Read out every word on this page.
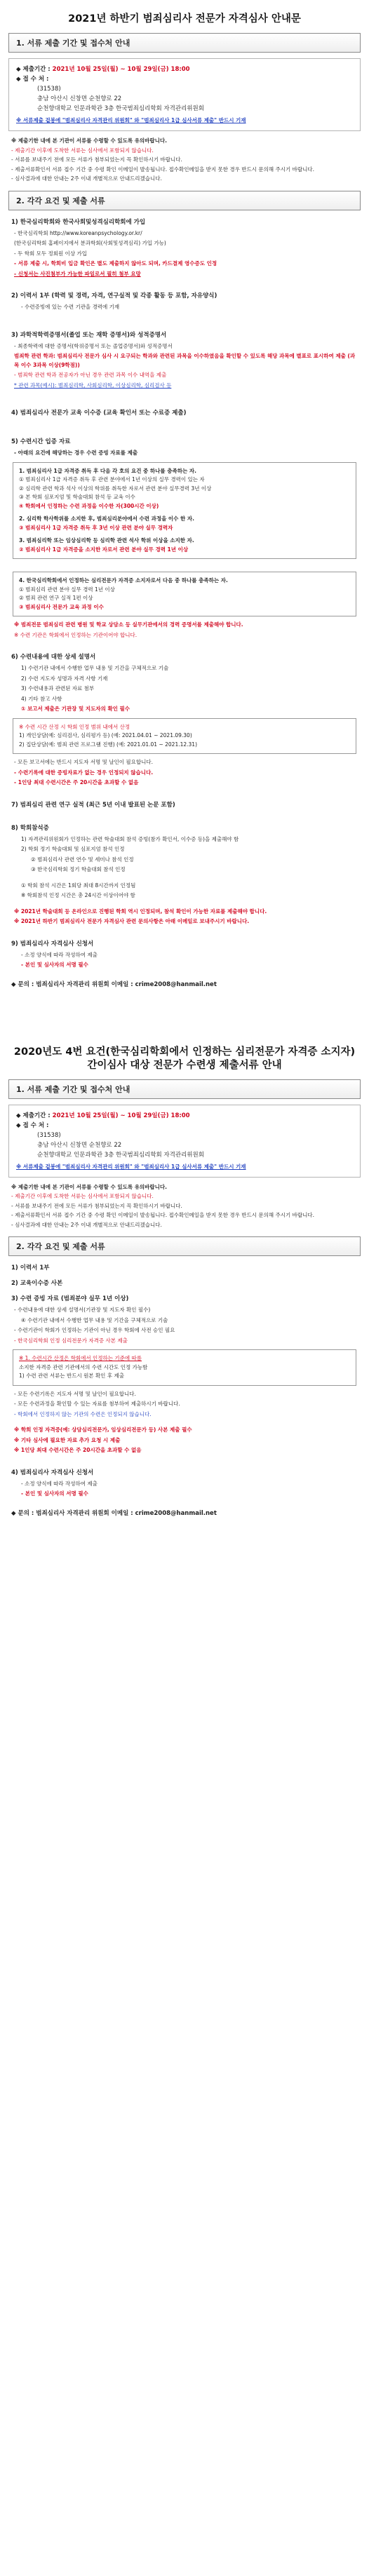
2021년 하반기 범죄심리사 전문가 자격심사 안내문
1. 서류 제출 기간 및 접수처 안내
◆ 제출기간 : 2021년 10월 25일(월) ~ 10월 29일(금) 18:00
◆ 접 수 처 :
(31538)
충남 아산시 신창면 순천향로 22
순천향대학교 인문과학관 3층 한국범죄심리학회 자격관리위원회
※ 서류제출 겉봉에 "범죄심리사 자격관리 위원회" 와 "범죄심리사 1급 심사서류 제출" 반드시 기재

※ 제출기한 내에 본 기관이 서류를 수령할 수 있도록 유의바랍니다.

- 제출기간 이후에 도착한 서류는 심사에서 포함되지 않습니다.

- 서류를 보내주기 전에 모든 서류가 첨부되었는지 꼭 확인하시기 바랍니다.

- 제출서류확인서 서류 접수 기간 중 수령 확인 이메일이 발송됩니다. 접수확인메일을 받지 못한 경우 반드시 문의해 주시기 바랍니다.

- 심사결과에 대한 안내는 2주 이내 개별적으로 안내드리겠습니다.

2. 각각 요건 및 제출 서류
1) 한국심리학회와 한국사회및성격심리학회에 가입
- 한국심리학회 http://www.koreanpsychology.or.kr/
(한국심리학회 홈페이지에서 분과학회(사회및성격심리) 가입 가능)
- 두 학회 모두 정회원 이상 가입
- 서류 제출 시, 학회비 입금 확인은 별도 제출하지 않아도 되며, 카드결제 영수증도 인정
- 신청서는 사진첨부가 가능한 파일로서 필히 첨부 요망
2) 이력서 1부 (학력 및 경력, 자격, 연구실적 및 각종 활동 등 포함, 자유양식)
- 수련증빙에 있는 수련 기관을 경력에 기재
3) 과학적학력증명서(졸업 또는 재학 증명서)와 성적증명서
- 최종학력에 대한 증명서(학위증명서 또는 졸업증명서)와 성적증명서
범죄학 관련 학과: 범죄심리사 전문가 심사 시 요구되는 학과와 관련된 과목을 이수하였음을 확인할 수 있도록 해당 과목에 별표로 표시하여 제출 (과목 이수 3과목 이상(9학점))
- 범죄학 관련 학과 전공자가 아닌 경우 관련 과목 이수 내역을 제출
* 관련 과목(예시): 범죄심리학, 사회심리학, 이상심리학, 심리검사 등
4) 범죄심리사 전문가 교육 이수증 (교육 확인서 또는 수료증 제출)
5) 수련시간 입증 자료
- 아래의 요건에 해당하는 경우 수련 증빙 자료를 제출
1. 범죄심리사 1급 자격증 취득 후 다음 각 호의 요건 중 하나를 충족하는 자.
① 범죄심리사 1급 자격증 취득 후 관련 분야에서 1년 이상의 실무 경력이 있는 자
② 심리학 관련 학과 석사 이상의 학위를 취득한 자로서 관련 분야 실무경력 3년 이상
③ 본 학회 심포지엄 및 학술대회 참석 등 교육 이수
④ 학회에서 인정하는 수련 과정을 이수한 자(300시간 이상)
2. 심리학 학사학위를 소지한 후, 범죄심리분야에서 수련 과정을 이수 한 자.
③ 범죄심리사 1급 자격증 취득 후 3년 이상 관련 분야 실무 경력자
3. 범죄심리학 또는 임상심리학 등 심리학 관련 석사 학위 이상을 소지한 자.
② 범죄심리사 1급 자격증을 소지한 자로서 관련 분야 실무 경력 1년 이상
4. 한국심리학회에서 인정하는 심리전문가 자격증 소지자로서 다음 중 하나를 충족하는 자.
① 범죄심리 관련 분야 실무 경력 1년 이상
② 범죄 관련 연구 실적 1편 이상
③ 범죄심리사 전문가 교육 과정 이수
※ 범죄전문 범죄심리 관련 병원 및 학교 상담소 등 실무기관에서의 경력 증명서를 제출해야 합니다.
※ 수련 기관은 학회에서 인정하는 기관이어야 합니다.
6) 수련내용에 대한 상세 설명서
1) 수련기관 내에서 수행한 업무 내용 및 기간을 구체적으로 기술
2) 수련 지도자 성명과 자격 사항 기재
3) 수련내용과 관련된 자료 첨부
4) 기타 참고 사항
① 보고서 제출은 기관장 및 지도자의 확인 필수
※ 수련 시간 산정 시 학회 인정 범위 내에서 산정
1) 개인상담(예: 심리검사, 심리평가 등) (예: 2021.04.01 ~ 2021.09.30)
2) 집단상담(예: 범죄 관련 프로그램 진행) (예: 2021.01.01 ~ 2021.12.31)
- 모든 보고서에는 반드시 지도자 서명 및 날인이 필요합니다.
- 수련기록에 대한 증빙자료가 없는 경우 인정되지 않습니다.
- 1인당 최대 수련시간은 주 20시간을 초과할 수 없음
7) 범죄심리 관련 연구 실적 (최근 5년 이내 발표된 논문 포함)
8) 학회참석증
1) 자격관리위원회가 인정하는 관련 학술대회 참석 증빙(참가 확인서, 이수증 등)을 제출해야 함
2) 학회 정기 학술대회 및 심포지엄 참석 인정
② 범죄심리사 관련 연수 및 세미나 참석 인정
③ 한국심리학회 정기 학술대회 참석 인정
① 학회 참석 시간은 1회당 최대 8시간까지 인정됨
※ 학회참석 인정 시간은 총 24시간 이상이어야 함
※ 2021년 학술대회 등 온라인으로 진행된 학회 역시 인정되며, 참석 확인이 가능한 자료를 제출해야 합니다.
※ 2021년 하반기 범죄심리사 전문가 자격심사 관련 문의사항은 아래 이메일로 보내주시기 바랍니다.
9) 범죄심리사 자격심사 신청서
- 소정 양식에 따라 작성하여 제출
- 본인 및 심사자의 서명 필수
◆ 문의 : 범죄심리사 자격관리 위원회 이메일 : crime2008@hanmail.net
2020년도 4번 요건(한국심리학회에서 인정하는 심리전문가 자격증 소지자) 간이심사 대상 전문가 수련생 제출서류 안내
1. 서류 제출 기간 및 접수처 안내
◆ 제출기간 : 2021년 10월 25일(월) ~ 10월 29일(금) 18:00
◆ 접 수 처 :
(31538)
충남 아산시 신창면 순천향로 22
순천향대학교 인문과학관 3층 한국범죄심리학회 자격관리위원회
※ 서류제출 겉봉에 "범죄심리사 자격관리 위원회" 와 "범죄심리사 1급 심사서류 제출" 반드시 기재

※ 제출기한 내에 본 기관이 서류를 수령할 수 있도록 유의바랍니다.

- 제출기간 이후에 도착한 서류는 심사에서 포함되지 않습니다.

- 서류를 보내주기 전에 모든 서류가 첨부되었는지 꼭 확인하시기 바랍니다.

- 제출서류확인서 서류 접수 기간 중 수령 확인 이메일이 발송됩니다. 접수확인메일을 받지 못한 경우 반드시 문의해 주시기 바랍니다.

- 심사결과에 대한 안내는 2주 이내 개별적으로 안내드리겠습니다.

2. 각각 요건 및 제출 서류
1) 이력서 1부
2) 교육이수증 사본
3) 수련 증빙 자료 (범죄분야 실무 1년 이상)
- 수련내용에 대한 상세 설명서(기관장 및 지도자 확인 필수)
④ 수련기관 내에서 수행한 업무 내용 및 기간을 구체적으로 기술
- 수련기관이 학회가 인정하는 기관이 아닌 경우 학회에 사전 승인 필요
- 한국심리학회 인정 심리전문가 자격증 사본 제출
※ 1. 수련시간 산정은 학회에서 인정하는 기준에 따름
소지한 자격증 관련 기관에서의 수련 시간도 인정 가능함
1) 수련 관련 서류는 반드시 원본 확인 후 제출
- 모든 수련기록은 지도자 서명 및 날인이 필요합니다.
- 모든 수련과정을 확인할 수 있는 자료를 첨부하여 제출하시기 바랍니다.
- 학회에서 인정하지 않는 기관의 수련은 인정되지 않습니다.
※ 학회 인정 자격증(예: 상담심리전문가, 임상심리전문가 등) 사본 제출 필수
※ 기타 심사에 필요한 자료 추가 요청 시 제출
※ 1인당 최대 수련시간은 주 20시간을 초과할 수 없음
4) 범죄심리사 자격심사 신청서
- 소정 양식에 따라 작성하여 제출
- 본인 및 심사자의 서명 필수
◆ 문의 : 범죄심리사 자격관리 위원회 이메일 : crime2008@hanmail.net
